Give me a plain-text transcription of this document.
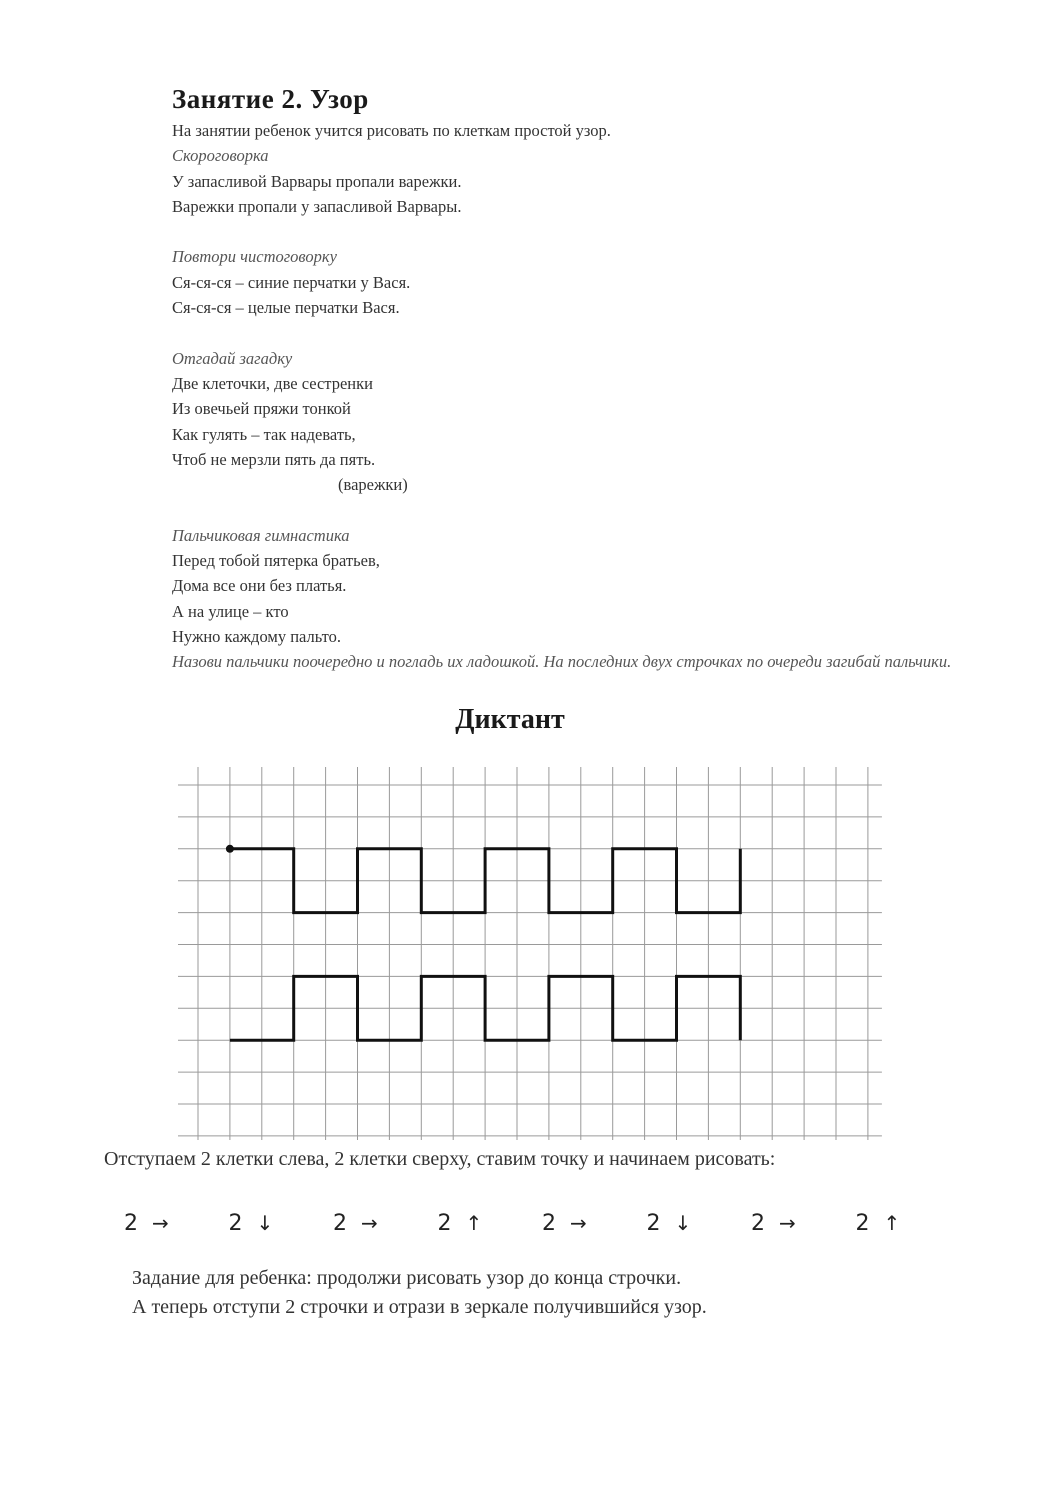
Занятие 2. Узор
На занятии ребенок учится рисовать по клеткам простой узор.
Скороговорка
У запасливой Варвары пропали варежки.
Варежки пропали у запасливой Варвары.
Повтори чистоговорку
Ся-ся-ся – синие перчатки у Вася.
Ся-ся-ся – целые перчатки Вася.
Отгадай загадку
Две клеточки, две сестренки
Из овечьей пряжи тонкой
Как гулять – так надевать,
Чтоб не мерзли пять да пять.
(варежки)
Пальчиковая гимнастика
Перед тобой пятерка братьев,
Дома все они без платья.
А на улице – кто
Нужно каждому пальто.
Назови пальчики поочередно и погладь их ладошкой. На последних двух строчках по очереди загибай пальчики.
Диктант
Отступаем 2 клетки слева, 2 клетки сверху, ставим точку и начинаем рисовать:
2 →	2 ↓	2 →	2 ↑	2 →	2 ↓	2 →	2 ↑
Задание для ребенка: продолжи рисовать узор до конца строчки.
А теперь отступи 2 строчки и отрази в зеркале получившийся узор.
